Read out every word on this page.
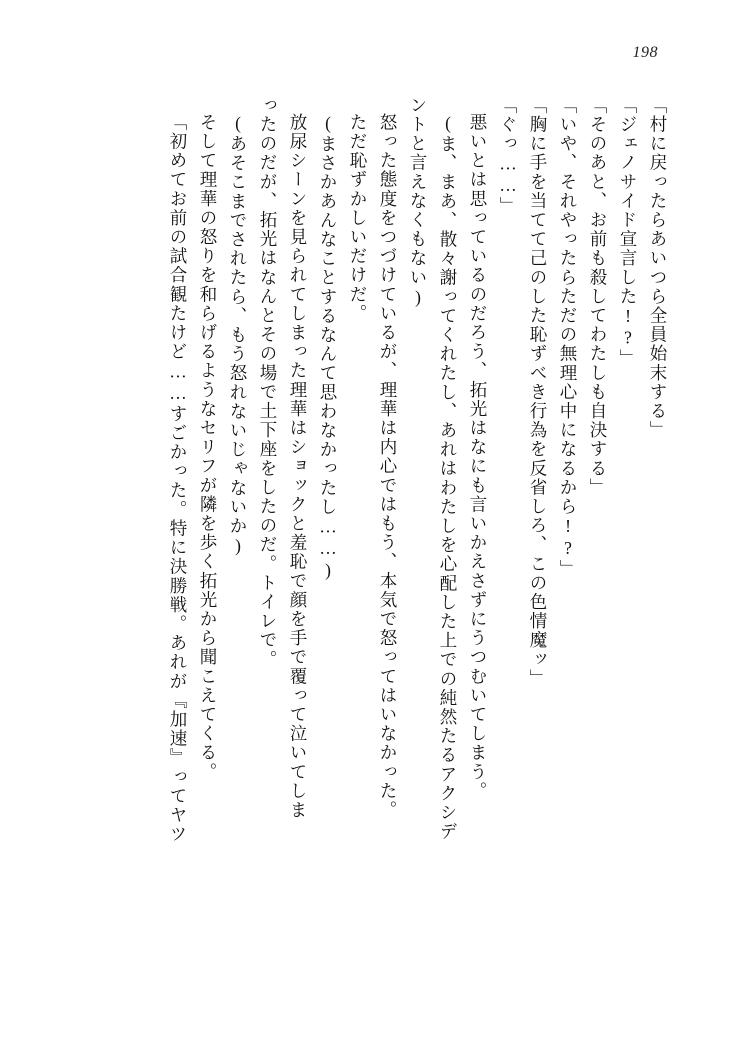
198
「村に戻ったらあいつら全員始末する」
「ジェノサイド宣言した!?」
「そのあと、お前も殺してわたしも自決する」
「いや、それやったらただの無理心中になるから!?」
「胸に手を当てて己のした恥ずべき行為を反省しろ、この色情魔ッ」
「ぐっ……」
悪いとは思っているのだろう、拓光はなにも言いかえさずにうつむいてしまう。
(ま、まあ、散々謝ってくれたし、あれはわたしを心配した上での純然たるアクシデ
ントと言えなくもない)
怒った態度をつづけているが、理華は内心ではもう、本気で怒ってはいなかった。
ただ恥ずかしいだけだ。
(まさかあんなことするなんて思わなかったし……)
放尿シーンを見られてしまった理華はショックと羞恥で顔を手で覆って泣いてしま
ったのだが、拓光はなんとその場で土下座をしたのだ。トイレで。
(あそこまでされたら、もう怒れないじゃないか)
そして理華の怒りを和らげるようなセリフが隣を歩く拓光から聞こえてくる。
「初めてお前の試合観たけど……すごかった。特に決勝戦。あれが『加速』ってヤツ
